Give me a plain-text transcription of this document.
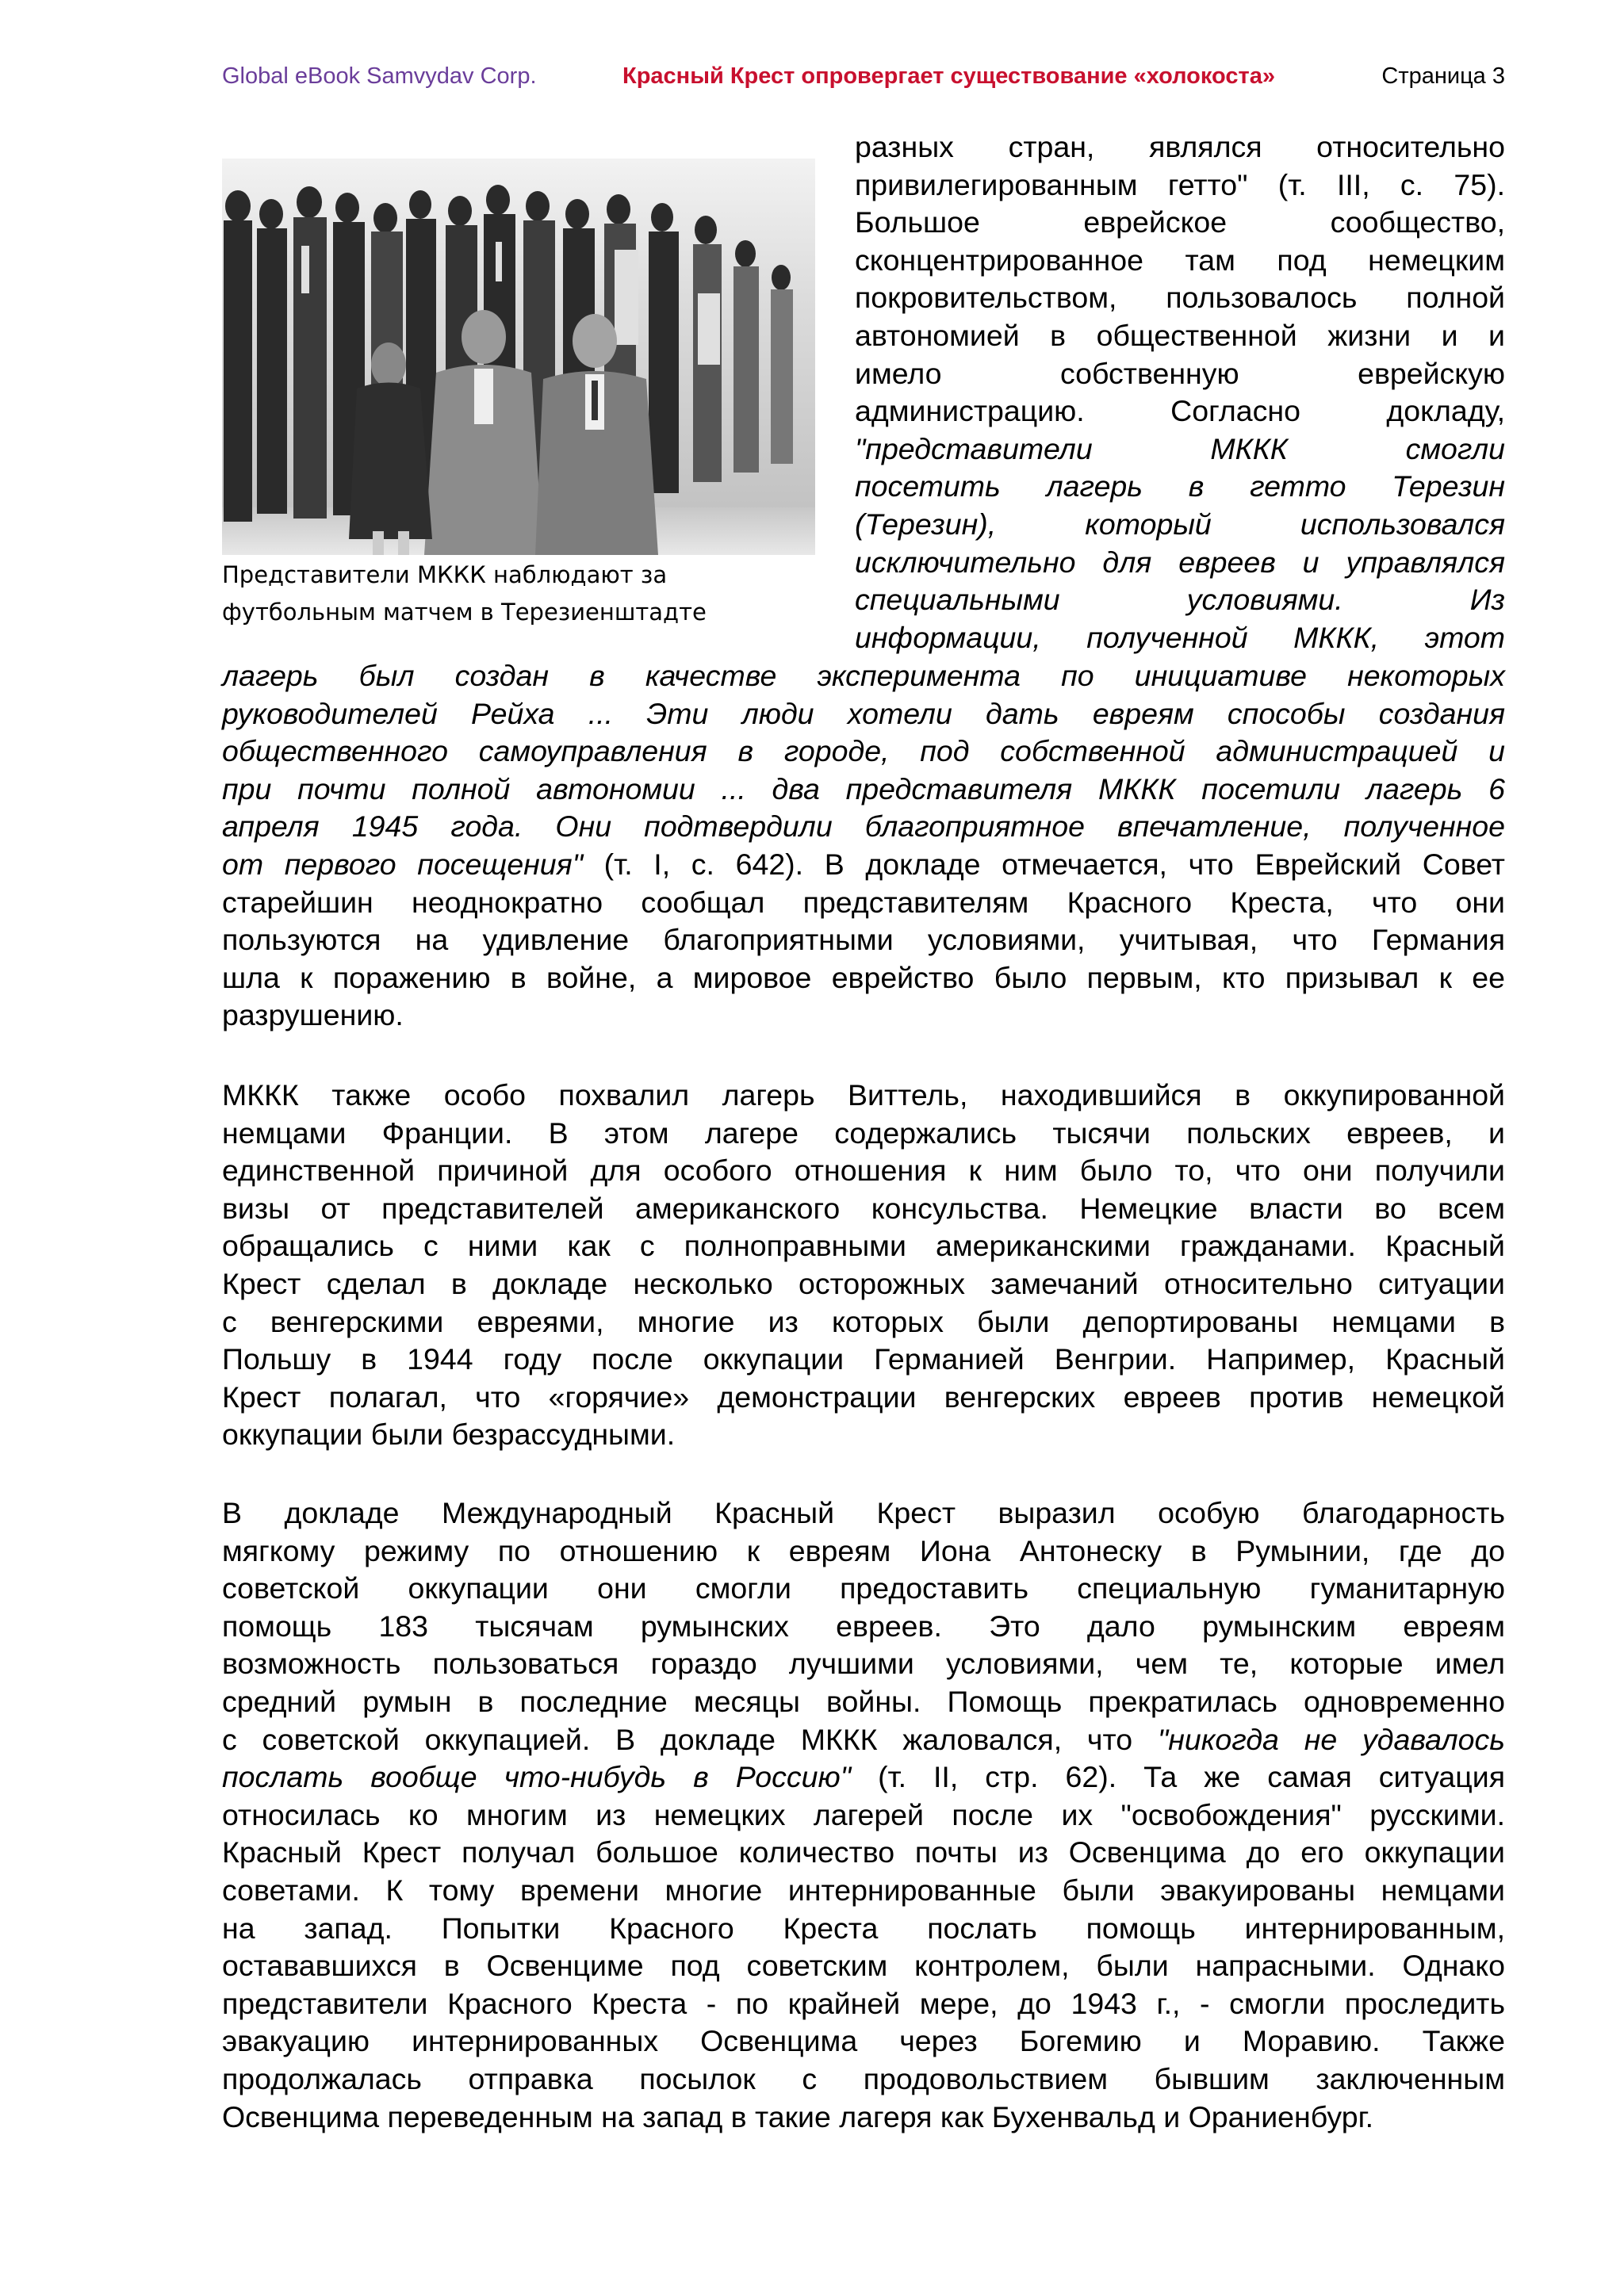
Global eBook Samvydav Corp.	Красный Крест опровергает существование «холокоста»	Страница 3
Представители МККК наблюдают за
футбольным матчем в Терезиенштадте
разных стран, являлся относительно
привилегированным гетто" (т. III, с. 75).
Большое еврейское сообщество,
сконцентрированное там под немецким
покровительством, пользовалось полной
автономией в общественной жизни и и
имело собственную еврейскую
администрацию. Согласно докладу,
"представители МККК смогли
посетить лагерь в гетто Терезин
(Терезин), который использовался
исключительно для евреев и управлялся
специальными условиями. Из
информации, полученной МККК, этот
лагерь был создан в качестве эксперимента по инициативе некоторых
руководителей Рейха ... Эти люди хотели дать евреям способы создания
общественного самоуправления в городе, под собственной администрацией и
при почти полной автономии ... два представителя МККК посетили лагерь 6
апреля 1945 года. Они подтвердили благоприятное впечатление, полученное
от первого посещения" (т. I, с. 642). В докладе отмечается, что Еврейский Совет
старейшин неоднократно сообщал представителям Красного Креста, что они
пользуются на удивление благоприятными условиями, учитывая, что Германия
шла к поражению в войне, а мировое еврейство было первым, кто призывал к ее
разрушению.
МККК также особо похвалил лагерь Виттель, находившийся в оккупированной
немцами Франции. В этом лагере содержались тысячи польских евреев, и
единственной причиной для особого отношения к ним было то, что они получили
визы от представителей американского консульства. Немецкие власти во всем
обращались с ними как с полноправными американскими гражданами. Красный
Крест сделал в докладе несколько осторожных замечаний относительно ситуации
с венгерскими евреями, многие из которых были депортированы немцами в
Польшу в 1944 году после оккупации Германией Венгрии. Например, Красный
Крест полагал, что «горячие» демонстрации венгерских евреев против немецкой
оккупации были безрассудными.
В докладе Международный Красный Крест выразил особую благодарность
мягкому режиму по отношению к евреям Иона Антонеску в Румынии, где до
советской оккупации они смогли предоставить специальную гуманитарную
помощь 183 тысячам румынских евреев. Это дало румынским евреям
возможность пользоваться гораздо лучшими условиями, чем те, которые имел
средний румын в последние месяцы войны. Помощь прекратилась одновременно
с советской оккупацией. В докладе МККК жаловался, что "никогда не удавалось
послать вообще что-нибудь в Россию" (т. II, стр. 62). Та же самая ситуация
относилась ко многим из немецких лагерей после их "освобождения" русскими.
Красный Крест получал большое количество почты из Освенцима до его оккупации
советами. К тому времени многие интернированные были эвакуированы немцами
на запад. Попытки Красного Креста послать помощь интернированным,
остававшихся в Освенциме под советским контролем, были напрасными. Однако
представители Красного Креста - по крайней мере, до 1943 г., - смогли проследить
эвакуацию интернированных Освенцима через Богемию и Моравию. Также
продолжалась отправка посылок с продовольствием бывшим заключенным
Освенцима переведенным на запад в такие лагеря как Бухенвальд и Ораниенбург.
